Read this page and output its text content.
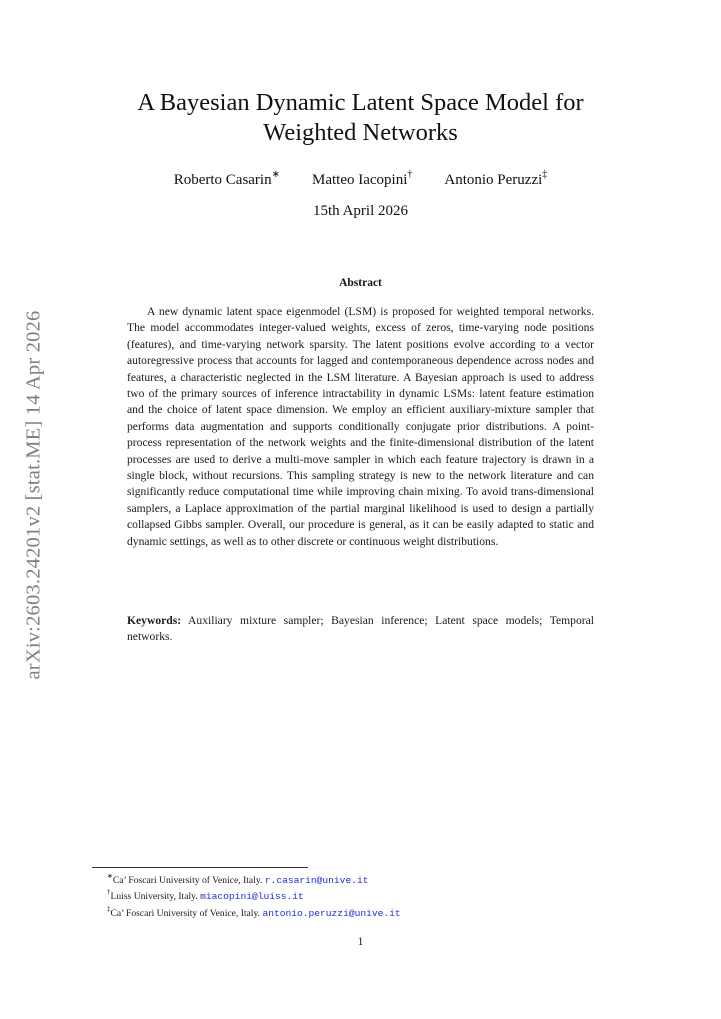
arXiv:2603.24201v2 [stat.ME] 14 Apr 2026
A Bayesian Dynamic Latent Space Model for
Weighted Networks
Roberto Casarin∗ Matteo Iacopini† Antonio Peruzzi‡
15th April 2026
Abstract

A new dynamic latent space eigenmodel (LSM) is proposed for weighted temporal networks. The model accommodates integer-valued weights, excess of zeros, time-varying node positions (features), and time-varying network sparsity. The latent positions evolve according to a vector autoregressive process that accounts for lagged and contemporaneous dependence across nodes and features, a characteristic neglected in the LSM literature. A Bayesian approach is used to address two of the primary sources of inference intractability in dynamic LSMs: latent feature estimation and the choice of latent space dimension. We employ an efficient auxiliary-mixture sampler that performs data augmentation and supports conditionally conjugate prior distributions. A point-process representation of the network weights and the finite-dimensional distribution of the latent processes are used to derive a multi-move sampler in which each feature trajectory is drawn in a single block, without recursions. This sampling strategy is new to the network literature and can significantly reduce computational time while improving chain mixing. To avoid trans-dimensional samplers, a Laplace approximation of the partial marginal likelihood is used to design a partially collapsed Gibbs sampler. Overall, our procedure is general, as it can be easily adapted to static and dynamic settings, as well as to other discrete or continuous weight distributions.

Keywords: Auxiliary mixture sampler; Bayesian inference; Latent space models; Temporal networks.

∗Ca’ Foscari University of Venice, Italy. r.casarin@unive.it
†Luiss University, Italy. miacopini@luiss.it
‡Ca’ Foscari University of Venice, Italy. antonio.peruzzi@unive.it
1
